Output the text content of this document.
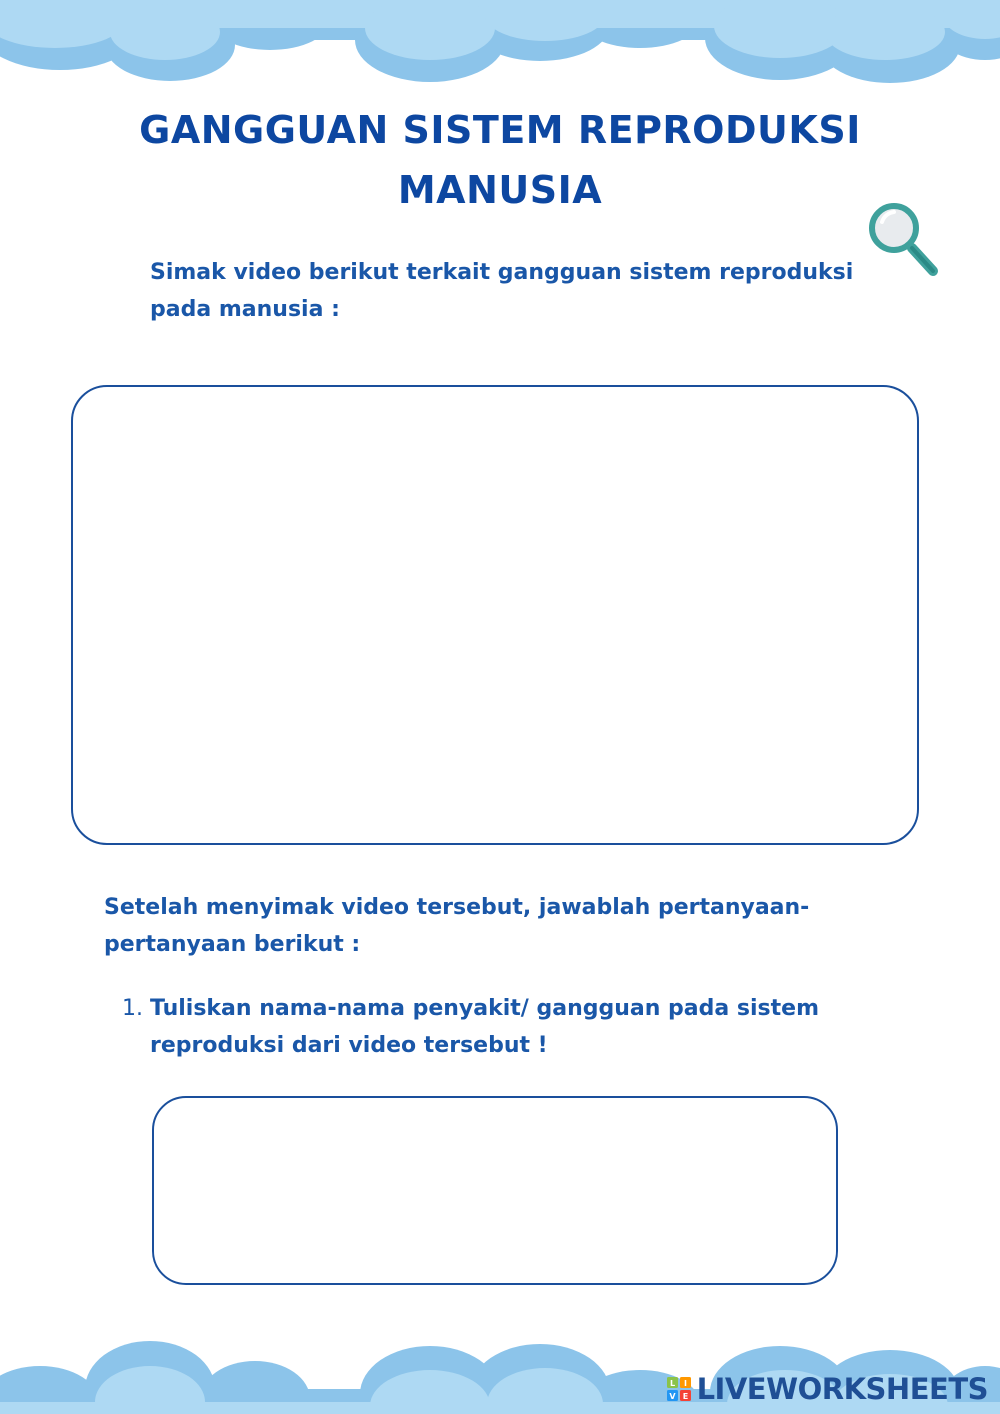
GANGGUAN SISTEM REPRODUKSI MANUSIA

Simak video berikut terkait gangguan sistem reproduksi pada manusia :

Setelah menyimak video tersebut, jawablah pertanyaan-pertanyaan berikut :

1. Tuliskan nama-nama penyakit/ gangguan pada sistem reproduksi dari video tersebut !
L I
V E LIVEWORKSHEETS
